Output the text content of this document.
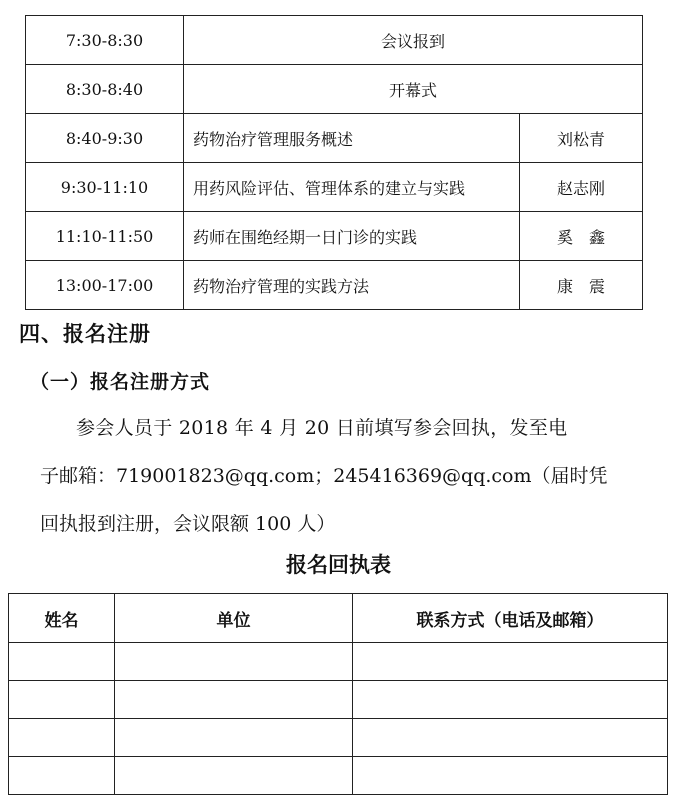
7:30-8:30	会议报到	
8:30-8:40	开幕式	
8:40-9:30	药物治疗管理服务概述	刘松青
9:30-11:10	用药风险评估、管理体系的建立与实践	赵志刚
11:10-11:50	药师在围绝经期一日门诊的实践	奚　鑫
13:00-17:00	药物治疗管理的实践方法	康　震
四、报名注册
（一）报名注册方式
参会人员于 2018 年 4 月 20 日前填写参会回执，发至电
子邮箱：719001823@qq.com；245416369@qq.com（届时凭
回执报到注册，会议限额 100 人）
报名回执表
姓名	单位	联系方式（电话及邮箱）
